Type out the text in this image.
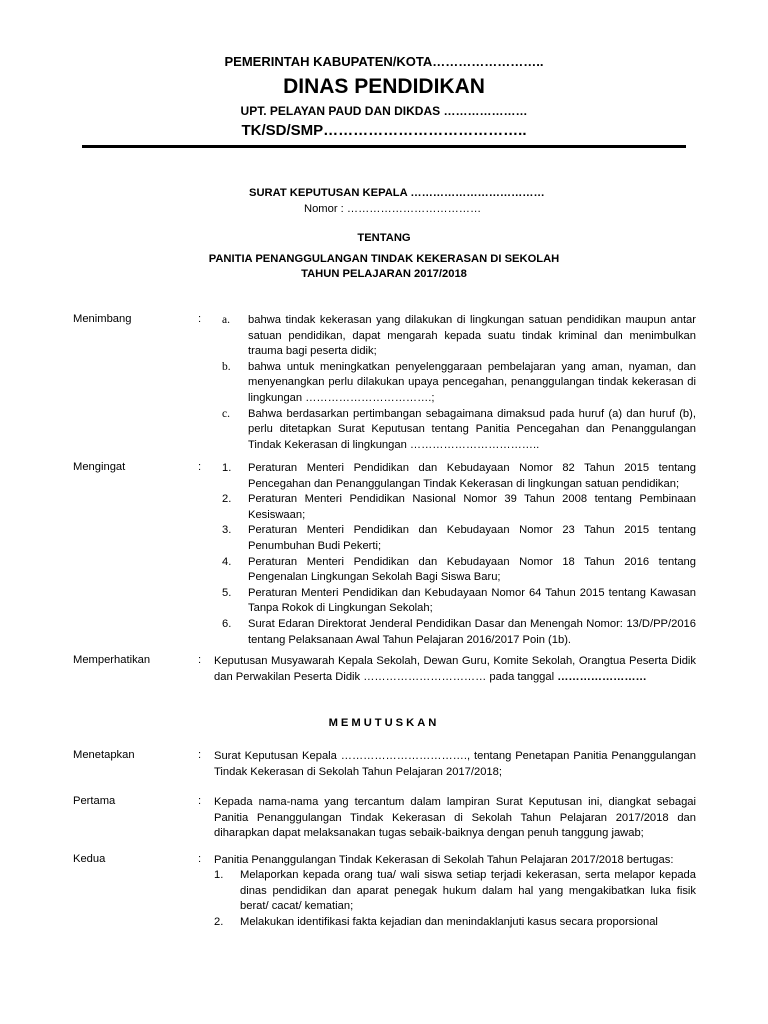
PEMERINTAH KABUPATEN/KOTA……………………..
DINAS PENDIDIKAN
UPT. PELAYAN PAUD DAN DIKDAS …………………
TK/SD/SMP…………………………………..
SURAT KEPUTUSAN KEPALA ………………………………
Nomor : ………………………………
TENTANG
PANITIA PENANGGULANGAN TINDAK KEKERASAN DI SEKOLAH
TAHUN PELAJARAN 2017/2018
Menimbang	: a.	bahwa tindak kekerasan yang dilakukan di lingkungan satuan pendidikan maupun antar satuan pendidikan, dapat mengarah kepada suatu tindak kriminal dan menimbulkan trauma bagi peserta didik;
b.	bahwa untuk meningkatkan penyelenggaraan pembelajaran yang aman, nyaman, dan menyenangkan perlu dilakukan upaya pencegahan, penanggulangan tindak kekerasan di lingkungan …………………………….;
c.	Bahwa berdasarkan pertimbangan sebagaimana dimaksud pada huruf (a) dan huruf (b), perlu ditetapkan Surat Keputusan tentang Panitia Pencegahan dan Penanggulangan Tindak Kekerasan di lingkungan ……………………………..
Mengingat	: 1.	Peraturan Menteri Pendidikan dan Kebudayaan Nomor 82 Tahun 2015 tentang Pencegahan dan Penanggulangan Tindak Kekerasan di lingkungan satuan pendidikan;
2.	Peraturan Menteri Pendidikan Nasional Nomor 39 Tahun 2008 tentang Pembinaan Kesiswaan;
3.	Peraturan Menteri Pendidikan dan Kebudayaan Nomor 23 Tahun 2015 tentang Penumbuhan Budi Pekerti;
4.	Peraturan Menteri Pendidikan dan Kebudayaan Nomor 18 Tahun 2016 tentang Pengenalan Lingkungan Sekolah Bagi Siswa Baru;
5.	Peraturan Menteri Pendidikan dan Kebudayaan Nomor 64 Tahun 2015 tentang Kawasan Tanpa Rokok di Lingkungan Sekolah;
6.	Surat Edaran Direktorat Jenderal Pendidikan Dasar dan Menengah Nomor: 13/D/PP/2016 tentang Pelaksanaan Awal Tahun Pelajaran 2016/2017 Poin (1b).
Memperhatikan	: Keputusan Musyawarah Kepala Sekolah, Dewan Guru, Komite Sekolah, Orangtua Peserta Didik dan Perwakilan Peserta Didik …………………………… pada tanggal ……………………
MEMUTUSKAN
Menetapkan	: Surat Keputusan Kepala ……………………………., tentang Penetapan Panitia Penanggulangan Tindak Kekerasan di Sekolah Tahun Pelajaran 2017/2018;
Pertama	: Kepada nama-nama yang tercantum dalam lampiran Surat Keputusan ini, diangkat sebagai Panitia Penanggulangan Tindak Kekerasan di Sekolah Tahun Pelajaran 2017/2018 dan diharapkan dapat melaksanakan tugas sebaik-baiknya dengan penuh tanggung jawab;
Kedua	: Panitia Penanggulangan Tindak Kekerasan di Sekolah Tahun Pelajaran 2017/2018 bertugas:
1.	Melaporkan kepada orang tua/ wali siswa setiap terjadi kekerasan, serta melapor kepada dinas pendidikan dan aparat penegak hukum dalam hal yang mengakibatkan luka fisik berat/ cacat/ kematian;
2.	Melakukan identifikasi fakta kejadian dan menindaklanjuti kasus secara proporsional
